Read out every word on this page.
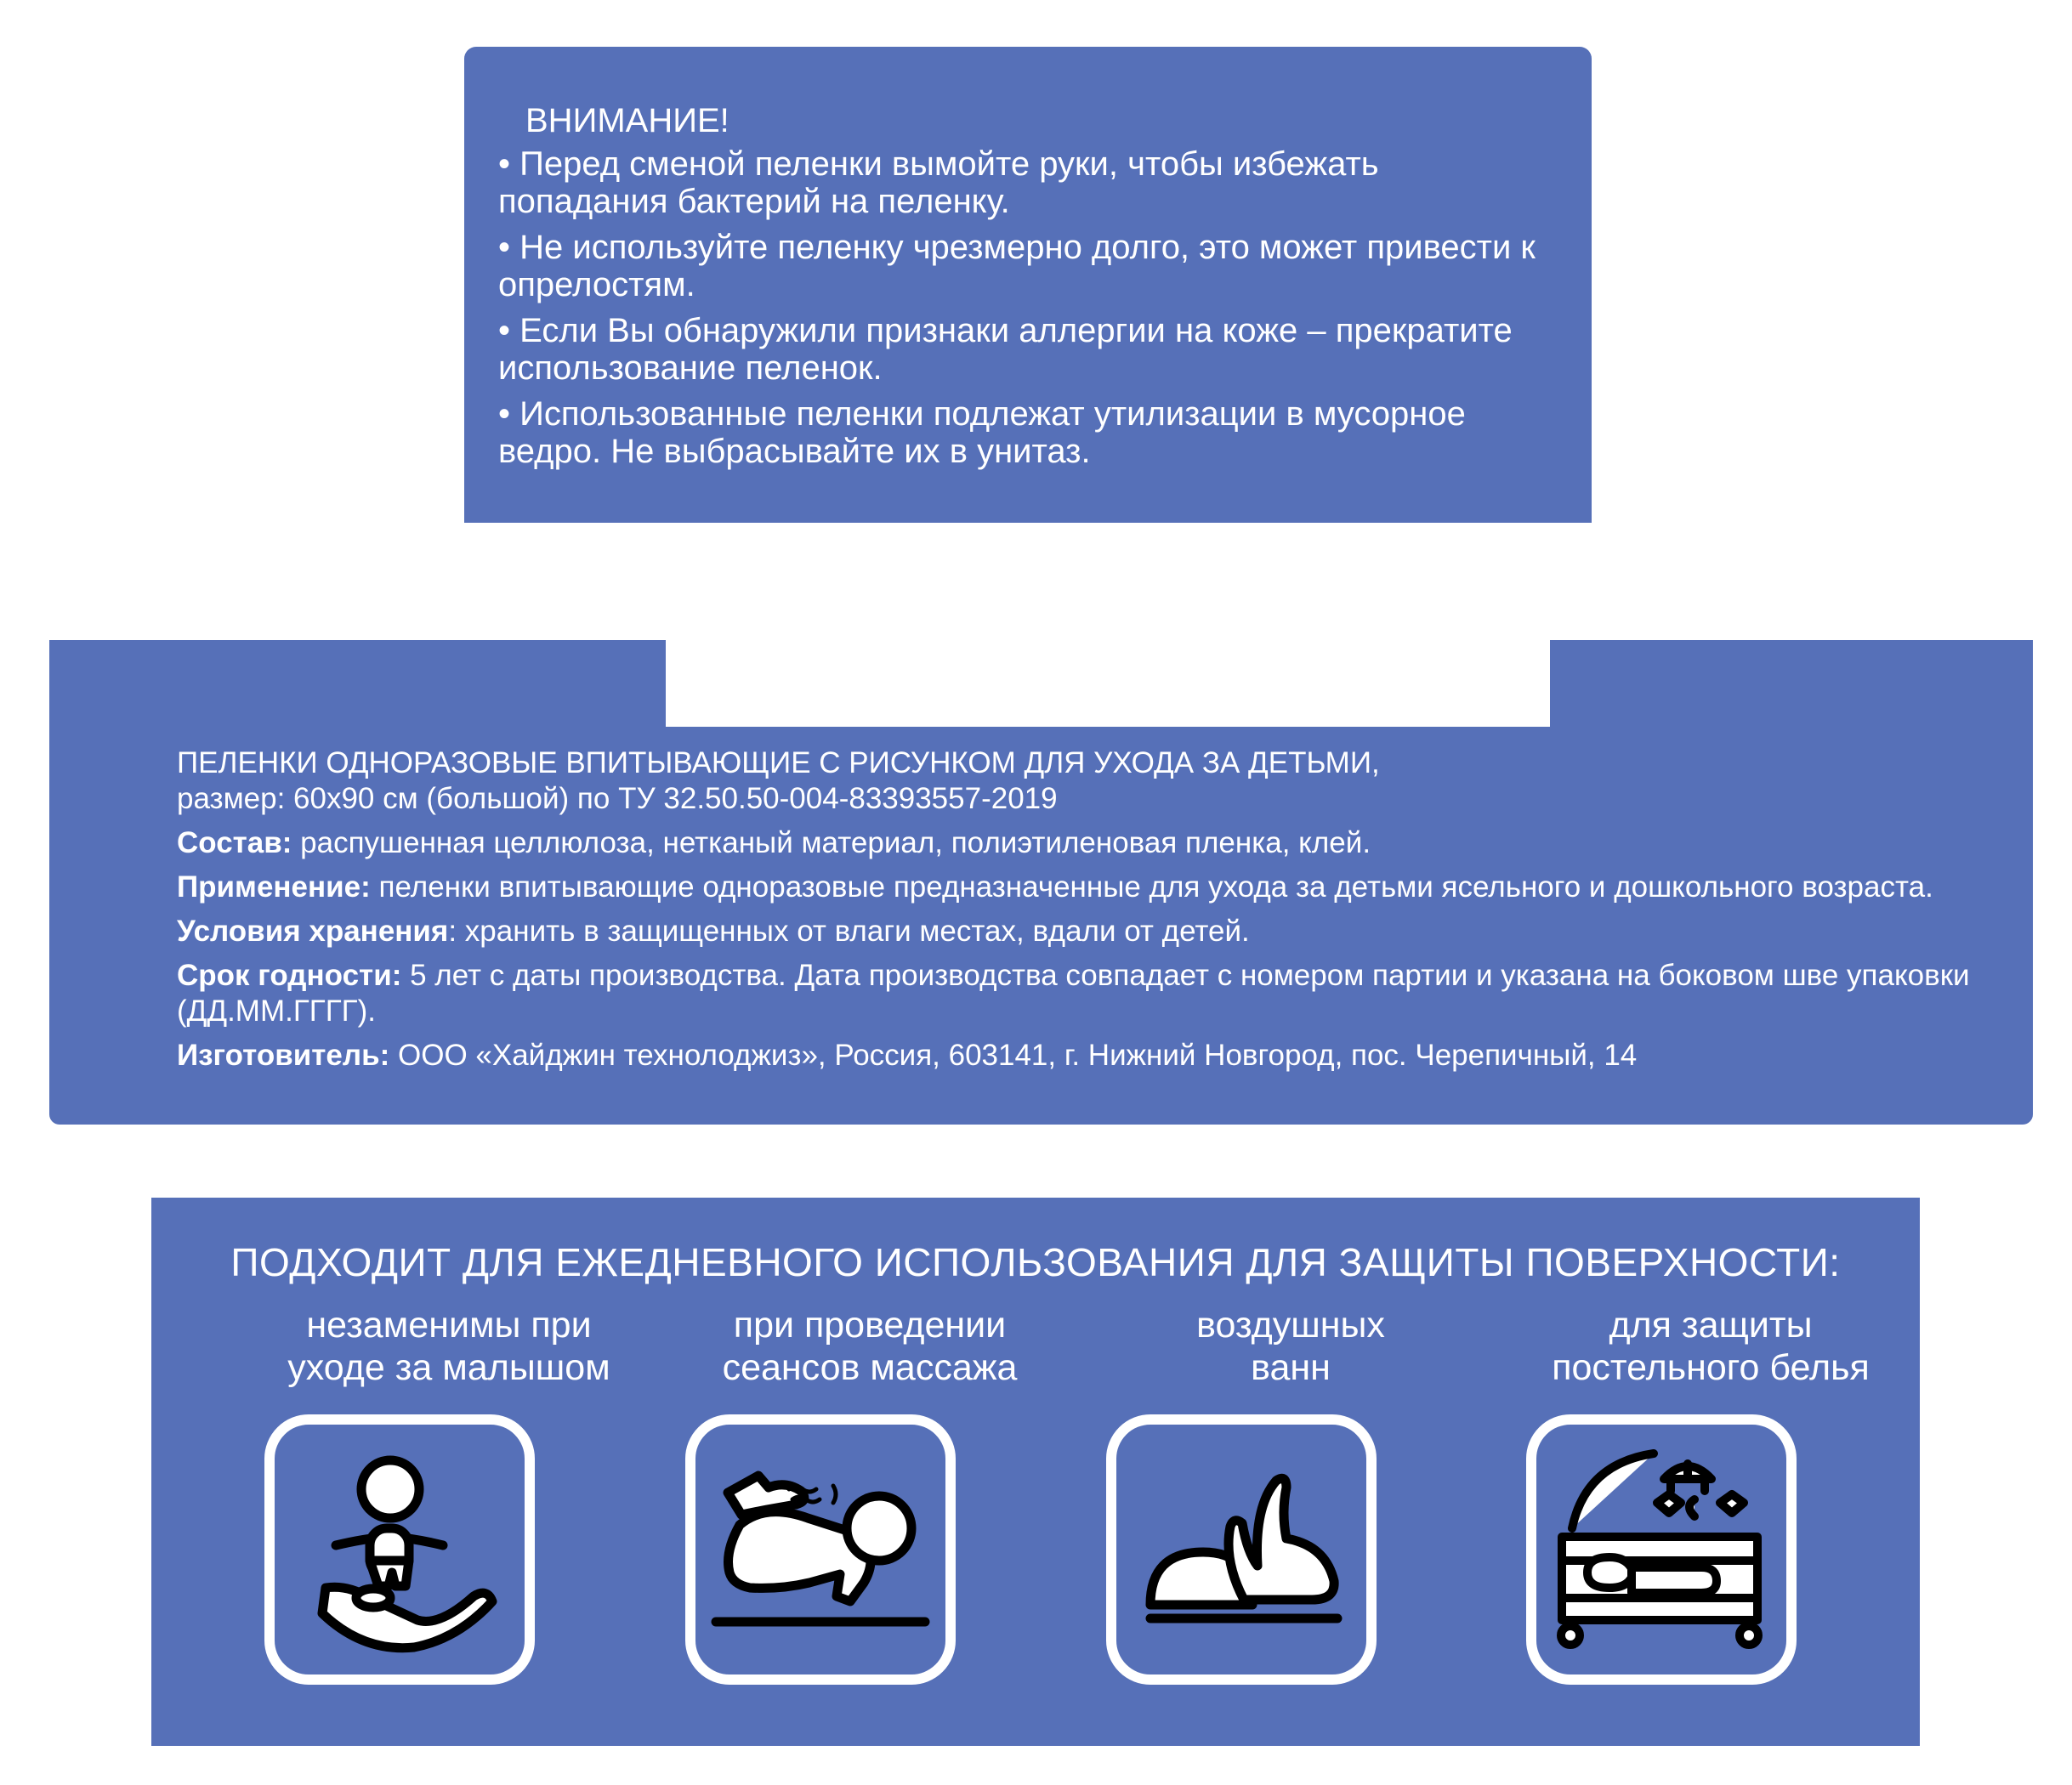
ВНИМАНИЕ!
• Перед сменой пеленки вымойте руки, чтобы избежать попадания бактерий на пеленку.
• Не используйте пеленку чрезмерно долго, это может привести к опрелостям.
• Если Вы обнаружили признаки аллергии на коже – прекратите использование пеленок.
• Использованные пеленки подлежат утилизации в мусорное ведро. Не выбрасывайте их в унитаз.
ПЕЛЕНКИ ОДНОРАЗОВЫЕ ВПИТЫВАЮЩИЕ С РИСУНКОМ ДЛЯ УХОДА ЗА ДЕТЬМИ,
размер: 60х90 см (большой) по ТУ 32.50.50-004-83393557-2019
Состав: распушенная целлюлоза, нетканый материал, полиэтиленовая пленка, клей.
Применение: пеленки впитывающие одноразовые предназначенные для ухода за детьми ясельного и дошкольного возраста.
Условия хранения: хранить в защищенных от влаги местах, вдали от детей.
Срок годности: 5 лет с даты производства. Дата производства совпадает с номером партии и указана на боковом шве упаковки (ДД.ММ.ГГГГ).
Изготовитель: ООО «Хайджин технолоджиз», Россия, 603141, г. Нижний Новгород, пос. Черепичный, 14
ПОДХОДИТ ДЛЯ ЕЖЕДНЕВНОГО ИСПОЛЬЗОВАНИЯ ДЛЯ ЗАЩИТЫ ПОВЕРХНОСТИ:
незаменимы при
уходе за малышом
при проведении
сеансов массажа
воздушных
ванн
для защиты
постельного белья
